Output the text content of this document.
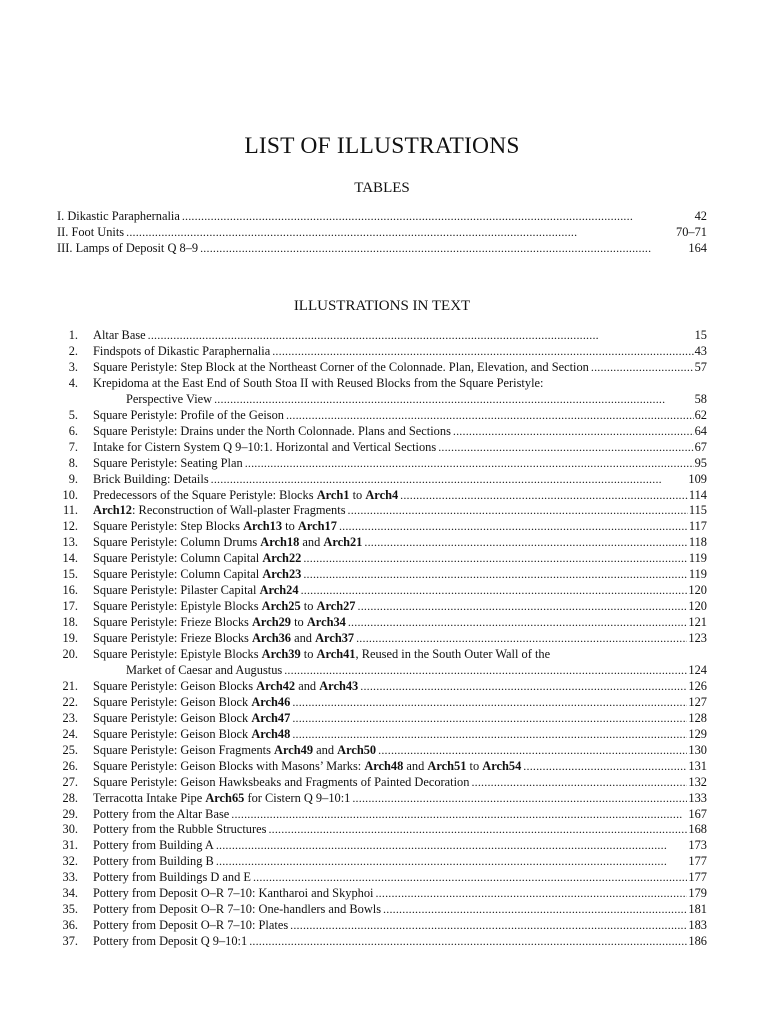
LIST OF ILLUSTRATIONS
TABLES
I. Dikastic Paraphernalia . . .	42
II. Foot Units . . .	70–71
III. Lamps of Deposit Q 8–9 . . .	164
ILLUSTRATIONS IN TEXT
1. Altar Base . . .	15
2. Findspots of Dikastic Paraphernalia . . .	43
3. Square Peristyle: Step Block at the Northeast Corner of the Colonnade. Plan, Elevation, and Section . . .	57
4. Krepidoma at the East End of South Stoa II with Reused Blocks from the Square Peristyle:
Perspective View . . .	58
5. Square Peristyle: Profile of the Geison . . .	62
6. Square Peristyle: Drains under the North Colonnade. Plans and Sections . . .	64
7. Intake for Cistern System Q 9–10:1. Horizontal and Vertical Sections . . .	67
8. Square Peristyle: Seating Plan . . .	95
9. Brick Building: Details . . .	109
10. Predecessors of the Square Peristyle: Blocks Arch1 to Arch4 . . .	114
11. Arch12: Reconstruction of Wall-plaster Fragments . . .	115
12. Square Peristyle: Step Blocks Arch13 to Arch17 . . .	117
13. Square Peristyle: Column Drums Arch18 and Arch21 . . .	118
14. Square Peristyle: Column Capital Arch22 . . .	119
15. Square Peristyle: Column Capital Arch23 . . .	119
16. Square Peristyle: Pilaster Capital Arch24 . . .	120
17. Square Peristyle: Epistyle Blocks Arch25 to Arch27 . . .	120
18. Square Peristyle: Frieze Blocks Arch29 to Arch34 . . .	121
19. Square Peristyle: Frieze Blocks Arch36 and Arch37 . . .	123
20. Square Peristyle: Epistyle Blocks Arch39 to Arch41, Reused in the South Outer Wall of the
Market of Caesar and Augustus . . .	124
21. Square Peristyle: Geison Blocks Arch42 and Arch43 . . .	126
22. Square Peristyle: Geison Block Arch46 . . .	127
23. Square Peristyle: Geison Block Arch47 . . .	128
24. Square Peristyle: Geison Block Arch48 . . .	129
25. Square Peristyle: Geison Fragments Arch49 and Arch50 . . .	130
26. Square Peristyle: Geison Blocks with Masons’ Marks: Arch48 and Arch51 to Arch54 . . .	131
27. Square Peristyle: Geison Hawksbeaks and Fragments of Painted Decoration . . .	132
28. Terracotta Intake Pipe Arch65 for Cistern Q 9–10:1 . . .	133
29. Pottery from the Altar Base . . .	167
30. Pottery from the Rubble Structures . . .	168
31. Pottery from Building A . . .	173
32. Pottery from Building B . . .	177
33. Pottery from Buildings D and E . . .	177
34. Pottery from Deposit O–R 7–10: Kantharoi and Skyphoi . . .	179
35. Pottery from Deposit O–R 7–10: One-handlers and Bowls . . .	181
36. Pottery from Deposit O–R 7–10: Plates . . .	183
37. Pottery from Deposit Q 9–10:1 . . .	186
